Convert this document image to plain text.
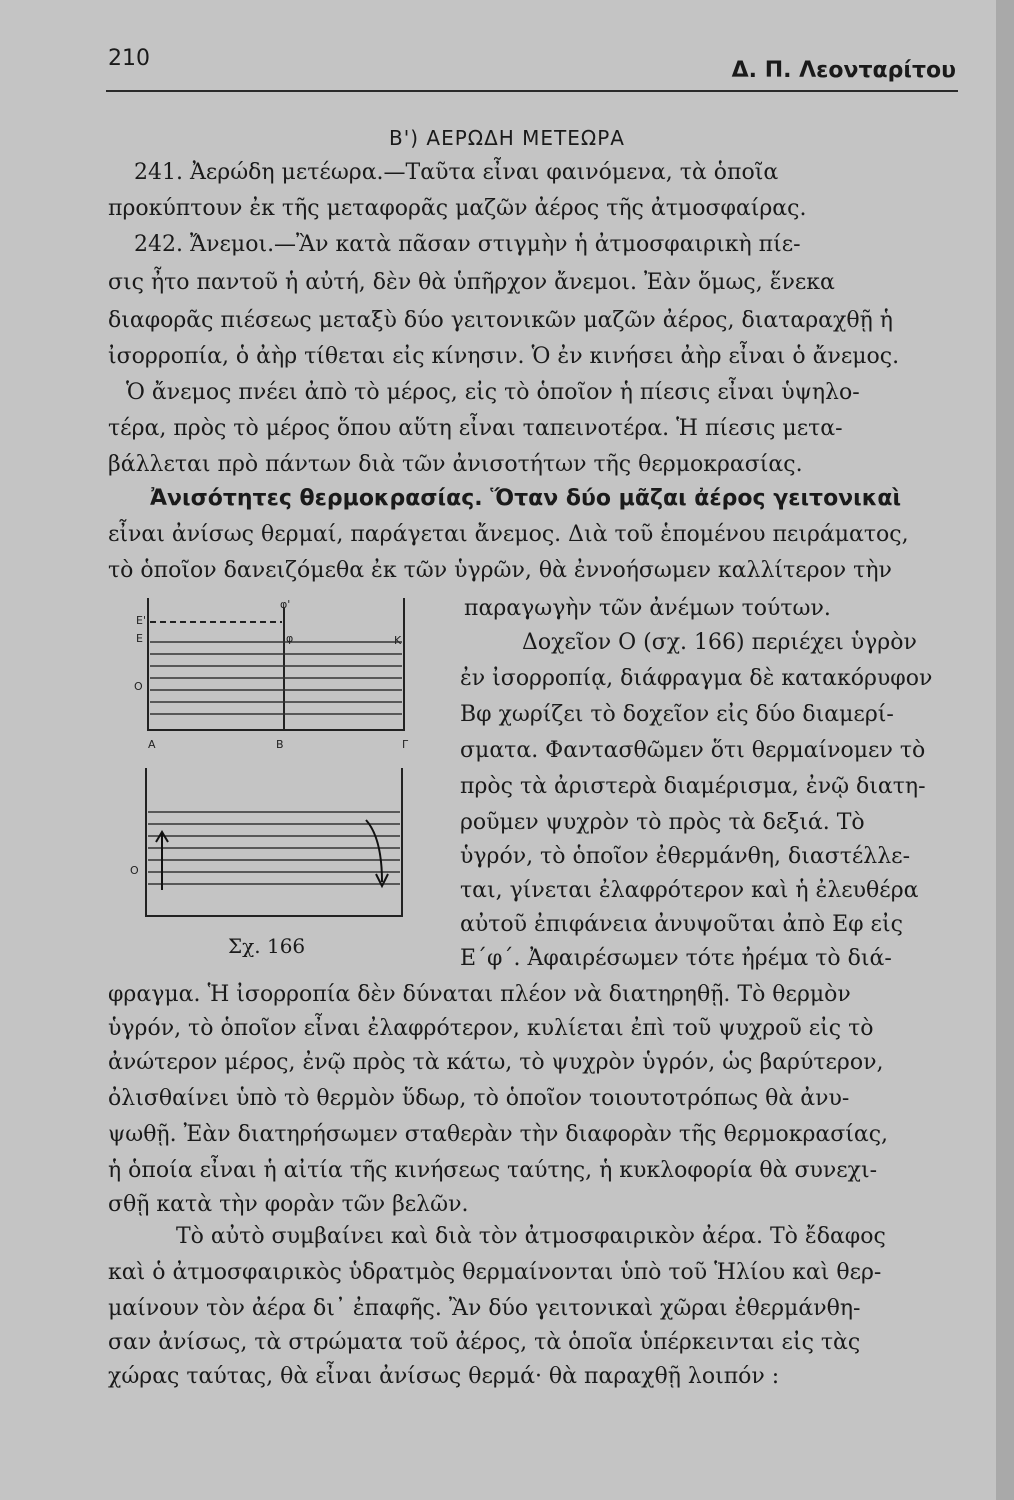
210	Δ. Π. Λεονταρίτου
Β') ΑΕΡΩΔΗ ΜΕΤΕΩΡΑ
241. Ἀερώδη μετέωρα.—Ταῦτα εἶναι φαινόμενα, τὰ ὁποῖα
προκύπτουν ἐκ τῆς μεταφορᾶς μαζῶν ἀέρος τῆς ἀτμοσφαίρας.
242. Ἄνεμοι.—Ἂν κατὰ πᾶσαν στιγμὴν ἡ ἀτμοσφαιρικὴ πίε-
σις ἦτο παντοῦ ἡ αὐτή, δὲν θὰ ὑπῆρχον ἄνεμοι. Ἐὰν ὅμως, ἕνεκα
διαφορᾶς πιέσεως μεταξὺ δύο γειτονικῶν μαζῶν ἀέρος, διαταραχθῇ ἡ
ἰσορροπία, ὁ ἀὴρ τίθεται εἰς κίνησιν. Ὁ ἐν κινήσει ἀὴρ εἶναι ὁ ἄνεμος.
Ὁ ἄνεμος πνέει ἀπὸ τὸ μέρος, εἰς τὸ ὁποῖον ἡ πίεσις εἶναι ὑψηλο-
τέρα, πρὸς τὸ μέρος ὅπου αὕτη εἶναι ταπεινοτέρα. Ἡ πίεσις μετα-
βάλλεται πρὸ πάντων διὰ τῶν ἀνισοτήτων τῆς θερμοκρασίας.
Ἀνισότητες θερμοκρασίας. Ὅταν δύο μᾶζαι ἀέρος γειτονικαὶ
εἶναι ἀνίσως θερμαί, παράγεται ἄνεμος. Διὰ τοῦ ἑπομένου πειράματος,
τὸ ὁποῖον δανειζόμεθα ἐκ τῶν ὑγρῶν, θὰ ἐννοήσωμεν καλλίτερον τὴν
παραγωγὴν τῶν ἀνέμων τούτων.
Δοχεῖον Ο (σχ. 166) περιέχει ὑγρὸν
ἐν ἰσορροπίᾳ, διάφραγμα δὲ κατακόρυφον
Βφ χωρίζει τὸ δοχεῖον εἰς δύο διαμερί-
σματα. Φαντασθῶμεν ὅτι θερμαίνομεν τὸ
πρὸς τὰ ἀριστερὰ διαμέρισμα, ἐνῷ διατη-
ροῦμεν ψυχρὸν τὸ πρὸς τὰ δεξιά. Τὸ
ὑγρόν, τὸ ὁποῖον ἐθερμάνθη, διαστέλλε-
ται, γίνεται ἐλαφρότερον καὶ ἡ ἐλευθέρα
αὐτοῦ ἐπιφάνεια ἀνυψοῦται ἀπὸ Εφ εἰς
Ε΄φ΄. Ἀφαιρέσωμεν τότε ἠρέμα τὸ διά-
φραγμα. Ἡ ἰσορροπία δὲν δύναται πλέον νὰ διατηρηθῇ. Τὸ θερμὸν
ὑγρόν, τὸ ὁποῖον εἶναι ἐλαφρότερον, κυλίεται ἐπὶ τοῦ ψυχροῦ εἰς τὸ
ἀνώτερον μέρος, ἐνῷ πρὸς τὰ κάτω, τὸ ψυχρὸν ὑγρόν, ὡς βαρύτερον,
ὀλισθαίνει ὑπὸ τὸ θερμὸν ὕδωρ, τὸ ὁποῖον τοιουτοτρόπως θὰ ἀνυ-
ψωθῇ. Ἐὰν διατηρήσωμεν σταθερὰν τὴν διαφορὰν τῆς θερμοκρασίας,
ἡ ὁποία εἶναι ἡ αἰτία τῆς κινήσεως ταύτης, ἡ κυκλοφορία θὰ συνεχι-
σθῇ κατὰ τὴν φορὰν τῶν βελῶν.
Τὸ αὐτὸ συμβαίνει καὶ διὰ τὸν ἀτμοσφαιρικὸν ἀέρα. Τὸ ἔδαφος
καὶ ὁ ἀτμοσφαιρικὸς ὑδρατμὸς θερμαίνονται ὑπὸ τοῦ Ἡλίου καὶ θερ-
μαίνουν τὸν ἀέρα δι᾿ ἐπαφῆς. Ἂν δύο γειτονικαὶ χῶραι ἐθερμάνθη-
σαν ἀνίσως, τὰ στρώματα τοῦ ἀέρος, τὰ ὁποῖα ὑπέρκεινται εἰς τὰς
χώρας ταύτας, θὰ εἶναι ἀνίσως θερμά· θὰ παραχθῇ λοιπόν :
Ε'
Ε
Ο
φ'
φ	Κ
Α	Β	Γ
Ο
Σχ. 166
